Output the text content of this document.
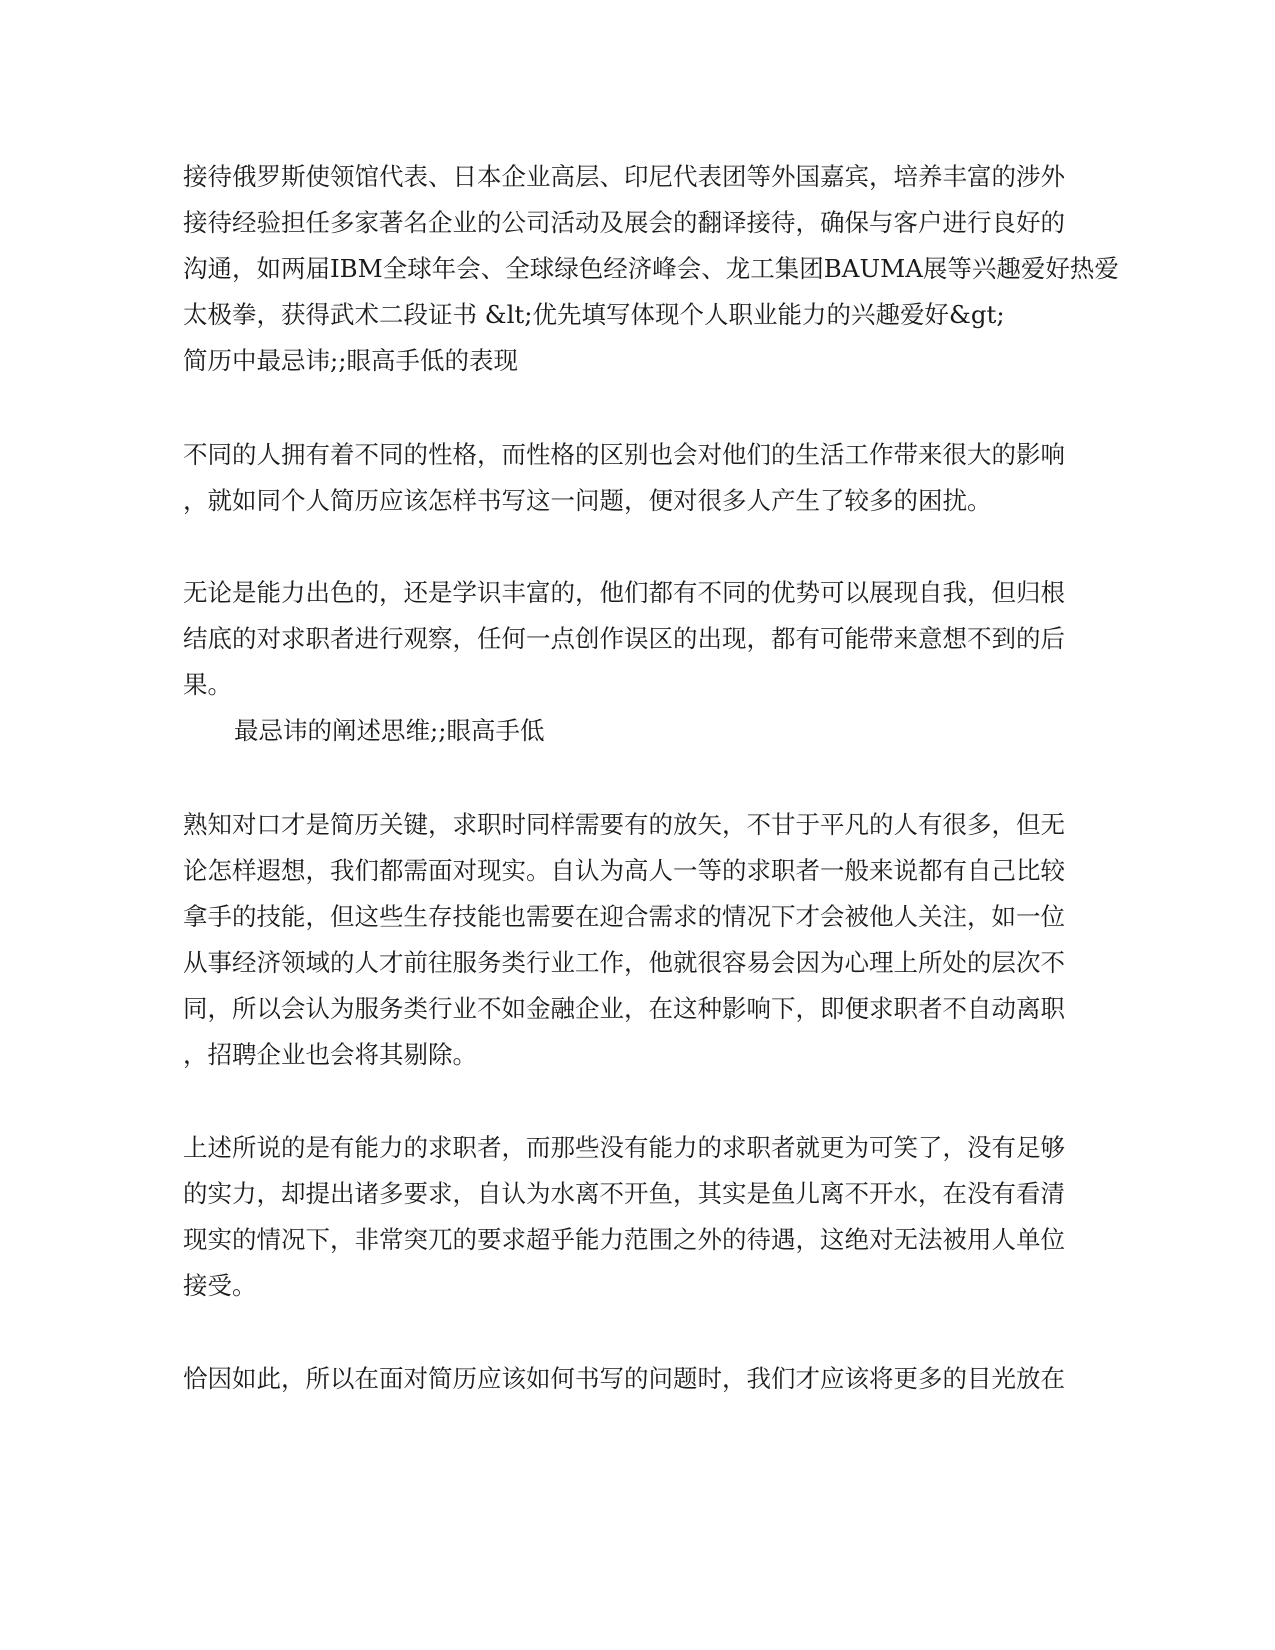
接待俄罗斯使领馆代表、日本企业高层、印尼代表团等外国嘉宾，培养丰富的涉外
接待经验担任多家著名企业的公司活动及展会的翻译接待，确保与客户进行良好的
沟通，如两届IBM全球年会、全球绿色经济峰会、龙工集团BAUMA展等兴趣爱好热爱
太极拳，获得武术二段证书 &lt;优先填写体现个人职业能力的兴趣爱好&gt;
简历中最忌讳;;眼高手低的表现
不同的人拥有着不同的性格，而性格的区别也会对他们的生活工作带来很大的影响
，就如同个人简历应该怎样书写这一问题，便对很多人产生了较多的困扰。
无论是能力出色的，还是学识丰富的，他们都有不同的优势可以展现自我，但归根
结底的对求职者进行观察，任何一点创作误区的出现，都有可能带来意想不到的后
果。
最忌讳的阐述思维;;眼高手低
熟知对口才是简历关键，求职时同样需要有的放矢，不甘于平凡的人有很多，但无
论怎样遐想，我们都需面对现实。自认为高人一等的求职者一般来说都有自己比较
拿手的技能，但这些生存技能也需要在迎合需求的情况下才会被他人关注，如一位
从事经济领域的人才前往服务类行业工作，他就很容易会因为心理上所处的层次不
同，所以会认为服务类行业不如金融企业，在这种影响下，即便求职者不自动离职
，招聘企业也会将其剔除。
上述所说的是有能力的求职者，而那些没有能力的求职者就更为可笑了，没有足够
的实力，却提出诸多要求，自认为水离不开鱼，其实是鱼儿离不开水，在没有看清
现实的情况下，非常突兀的要求超乎能力范围之外的待遇，这绝对无法被用人单位
接受。
恰因如此，所以在面对简历应该如何书写的问题时，我们才应该将更多的目光放在
